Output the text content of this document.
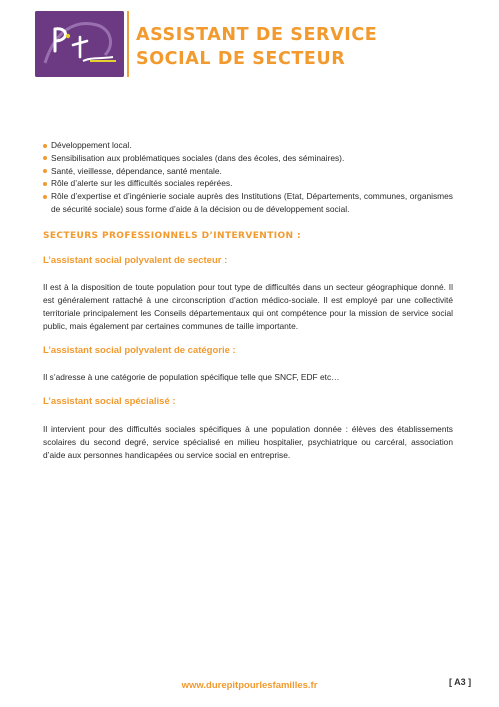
ASSISTANT DE SERVICE
SOCIAL DE SECTEUR
Développement local.
Sensibilisation aux problématiques sociales (dans des écoles, des séminaires).
Santé, vieillesse, dépendance, santé mentale.
Rôle d’alerte sur les difficultés sociales repérées.
Rôle d’expertise et d’ingénierie sociale auprès des Institutions (Etat, Départements, communes, organismes de sécurité sociale) sous forme d’aide à la décision ou de développement social.
SECTEURS PROFESSIONNELS D’INTERVENTION :
L’assistant social polyvalent de secteur :

Il est à la disposition de toute population pour tout type de difficultés dans un secteur géographique donné. Il est généralement rattaché à une circonscription d’action médico-sociale. Il est employé par une collectivité territoriale principalement les Conseils départementaux qui ont compétence pour la mission de service social public, mais également par certaines communes de taille importante.

L’assistant social polyvalent de catégorie :

Il s’adresse à une catégorie de population spécifique telle que SNCF, EDF etc…

L’assistant social spécialisé :

Il intervient pour des difficultés sociales spécifiques à une population donnée : élèves des établissements scolaires du second degré, service spécialisé en milieu hospitalier, psychiatrique ou carcéral, association d’aide aux personnes handicapées ou service social en entreprise.

www.durepitpourlesfamilles.fr	[ A3 ]
